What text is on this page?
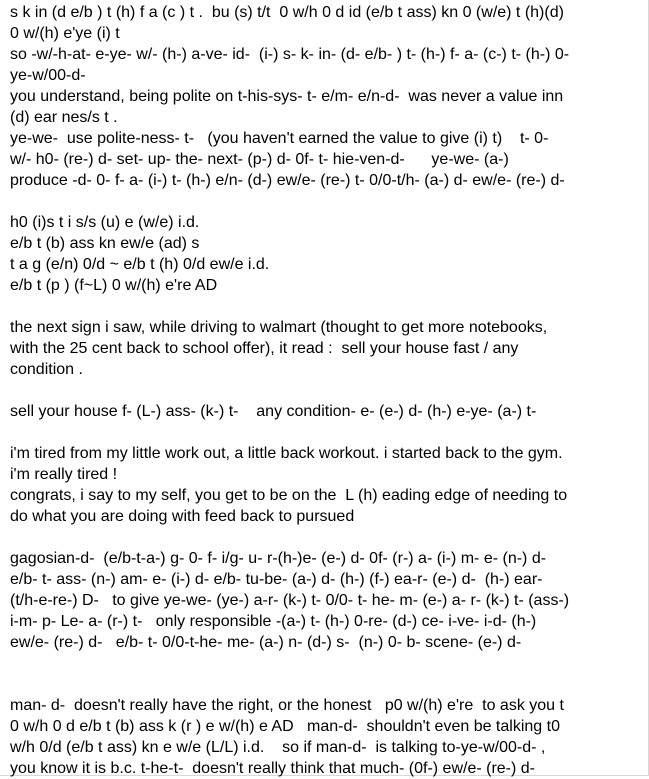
s k in (d e/b ) t (h) f a (c ) t .  bu (s) t/t  0 w/h 0 d id (e/b t ass) kn 0 (w/e) t (h)(d)
0 w/(h) e'ye (i) t
so -w/-h-at- e-ye- w/- (h-) a-ve- id-  (i-) s- k- in- (d- e/b- ) t- (h-) f- a- (c-) t- (h-) 0-
ye-w/00-d-
you understand, being polite on t-his-sys- t- e/m- e/n-d-  was never a value inn
(d) ear nes/s t .
ye-we-  use polite-ness- t-   (you haven't earned the value to give (i) t)    t- 0-
w/- h0- (re-) d- set- up- the- next- (p-) d- 0f- t- hie-ven-d-      ye-we- (a-)
produce -d- 0- f- a- (i-) t- (h-) e/n- (d-) ew/e- (re-) t- 0/0-t/h- (a-) d- ew/e- (re-) d-
h0 (i)s t i s/s (u) e (w/e) i.d.
e/b t (b) ass kn ew/e (ad) s
t a g (e/n) 0/d ~ e/b t (h) 0/d ew/e i.d.
e/b t (p ) (f~L) 0 w/(h) e're AD
the next sign i saw, while driving to walmart (thought to get more notebooks,
with the 25 cent back to school offer), it read :  sell your house fast / any
condition .
sell your house f- (L-) ass- (k-) t-    any condition- e- (e-) d- (h-) e-ye- (a-) t-
i'm tired from my little work out, a little back workout. i started back to the gym.
i'm really tired !
congrats, i say to my self, you get to be on the  L (h) eading edge of needing to
do what you are doing with feed back to pursued
gagosian-d-  (e/b-t-a-) g- 0- f- i/g- u- r-(h-)e- (e-) d- 0f- (r-) a- (i-) m- e- (n-) d-
e/b- t- ass- (n-) am- e- (i-) d- e/b- tu-be- (a-) d- (h-) (f-) ea-r- (e-) d-  (h-) ear-
(t/h-e-re-) D-   to give ye-we- (ye-) a-r- (k-) t- 0/0- t- he- m- (e-) a- r- (k-) t- (ass-)
i-m- p- Le- a- (r-) t-   only responsible -(a-) t- (h-) 0-re- (d-) ce- i-ve- i-d- (h-)
ew/e- (re-) d-   e/b- t- 0/0-t-he- me- (a-) n- (d-) s-  (n-) 0- b- scene- (e-) d-
man- d-  doesn't really have the right, or the honest   p0 w/(h) e're  to ask you t
0 w/h 0 d e/b t (b) ass k (r ) e w/(h) e AD   man-d-  shouldn't even be talking t0
w/h 0/d (e/b t ass) kn e w/e (L/L) i.d.    so if man-d-  is talking to-ye-w/00-d- ,
you know it is b.c. t-he-t-  doesn't really think that much- (0f-) ew/e- (re-) d-
